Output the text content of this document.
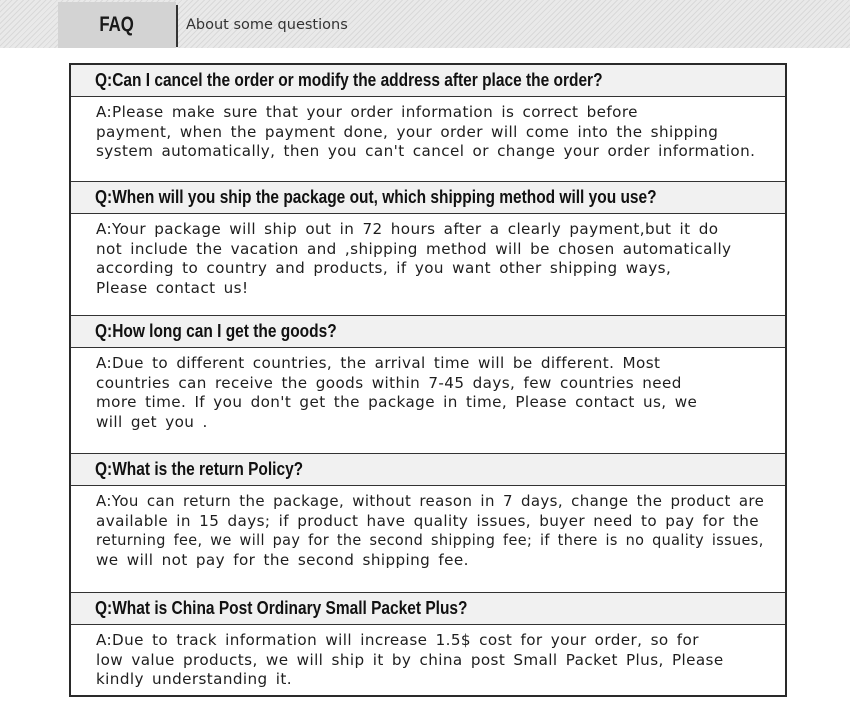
FAQ	About some questions
Q:Can I cancel the order or modify the address after place the order?
A:Please make sure that your order information is correct before payment, when the payment done, your order will come into the shipping system automatically, then you can't cancel or change your order information.
Q:When will you ship the package out, which shipping method will you use?
A:Your package will ship out in 72 hours after a clearly payment,but it do not include the vacation and ,shipping method will be chosen automatically according to country and products, if you want other shipping ways, Please contact us!
Q:How long can I get the goods?
A:Due to different countries, the arrival time will be different. Most countries can receive the goods within 7-45 days, few countries need more time. If you don't get the package in time, Please contact us, we will get you .
Q:What is the return Policy?
A:You can return the package, without reason in 7 days, change the product are available in 15 days; if product have quality issues, buyer need to pay for the returning fee, we will pay for the second shipping fee; if there is no quality issues, we will not pay for the second shipping fee.
Q:What is China Post Ordinary Small Packet Plus?
A:Due to track information will increase 1.5$ cost for your order, so for low value products, we will ship it by china post Small Packet Plus, Please kindly understanding it.
